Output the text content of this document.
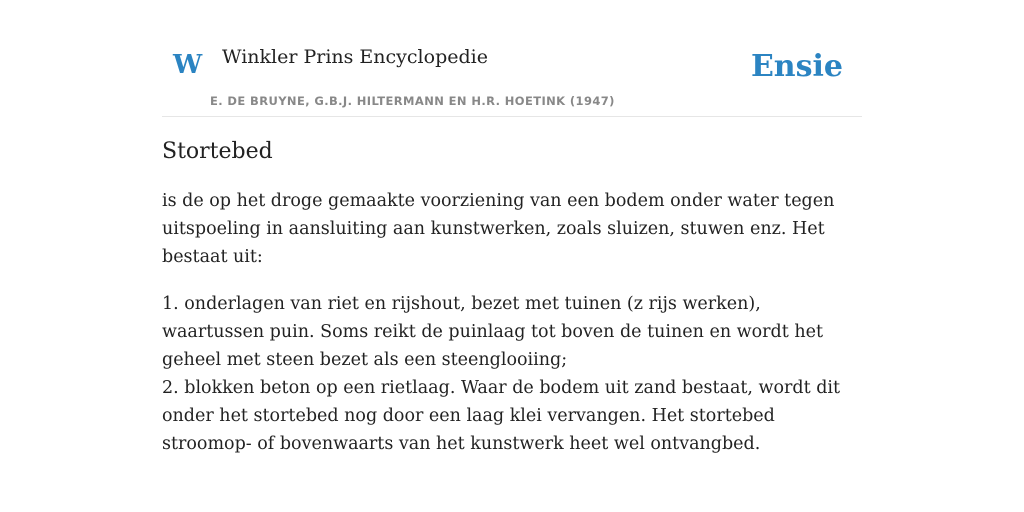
W Winkler Prins Encyclopedie
E. DE BRUYNE, G.B.J. HILTERMANN EN H.R. HOETINK (1947)
Ensie
Stortebed

is de op het droge gemaakte voorziening van een bodem onder water tegen uitspoeling in aansluiting aan kunstwerken, zoals sluizen, stuwen enz. Het bestaat uit:

1. onderlagen van riet en rijshout, bezet met tuinen (z rijs werken), waartussen puin. Soms reikt de puinlaag tot boven de tuinen en wordt het geheel met steen bezet als een steenglooiing;
2. blokken beton op een rietlaag. Waar de bodem uit zand bestaat, wordt dit onder het stortebed nog door een laag klei vervangen. Het stortebed stroomop- of bovenwaarts van het kunstwerk heet wel ontvangbed.
